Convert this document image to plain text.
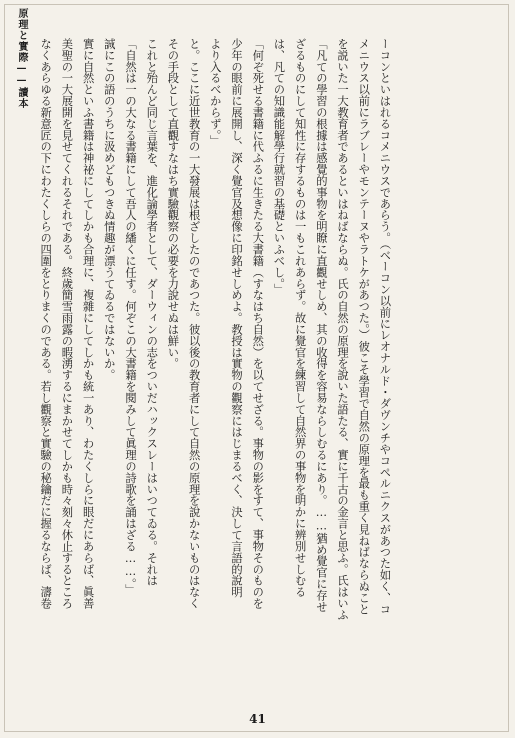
原理と實際——讀本	ーコンといはれるコメニウスであらう。（ベーコン以前にレオナルド・ダヴンチやコペルニクスがあつた如く、コ

メニウス以前にラブレーやモンテーヌやラトケがあつた。）彼こそ學習で自然の原理を最も重く見ねばならぬこと

を説いた一大教育者であるといはねばならぬ。氏の自然の原理を說いた語たる、實に千古の金言と思ふ。氏はいふ

「凡ての學習の根據は感覺的事物を明瞭に直觀せしめ、其の收得を容易ならしむるにあり。……猶め覺官に存せ

ざるものにして知性に存するものは一もこれあらず。故に覺官を練習して自然界の事物を明かに辨別せしむる

は、凡ての知識能解學行就習の基礎といふべし。」

「何ぞ死せる書籍に代ふるに生きたる大書籍（すなはち自然）を以てせざる。事物の影をすて、事物そのものを

少年の眼前に展開し、深く覺官及想像に印銘せしめよ。教授は實物の觀察にはじまるべく、決して言語的說明

より入るべからず。」

と。ここに近世教育の一大發展は根ざしたのであつた。彼以後の教育者にして自然の原理を說かないものはなく

その手段として直觀すなはち實驗觀察の必要を力說せぬは鮮い。

これと殆んど同じ言葉を、進化論學者として、ダーウィンの志をついだハックスレーはいつてゐる。それは

「自然は一の大なる書籍にして吾人の繙くに任す。何ぞこの大書籍を閱みして眞理の詩歌を誦はざる……。」

誠にこの語のうちに汲めどもつきぬ情趣が漂うてゐるではないか。

實に自然といふ書籍は神祕にしてしかも合理に、複雜にしてしかも統一あり、わたくしらに眼だにあらば、眞善

美聖の一大展開を見せてくれるそれである。終歲簡雪雨露の暇湧するにまかせてしかも時々刻々休止するところ

なくあらゆる新意匠の下にわたくしらの四圍をとりまくのである。若し觀察と實驗の秘鑰だに握るならば、濤卷

41
